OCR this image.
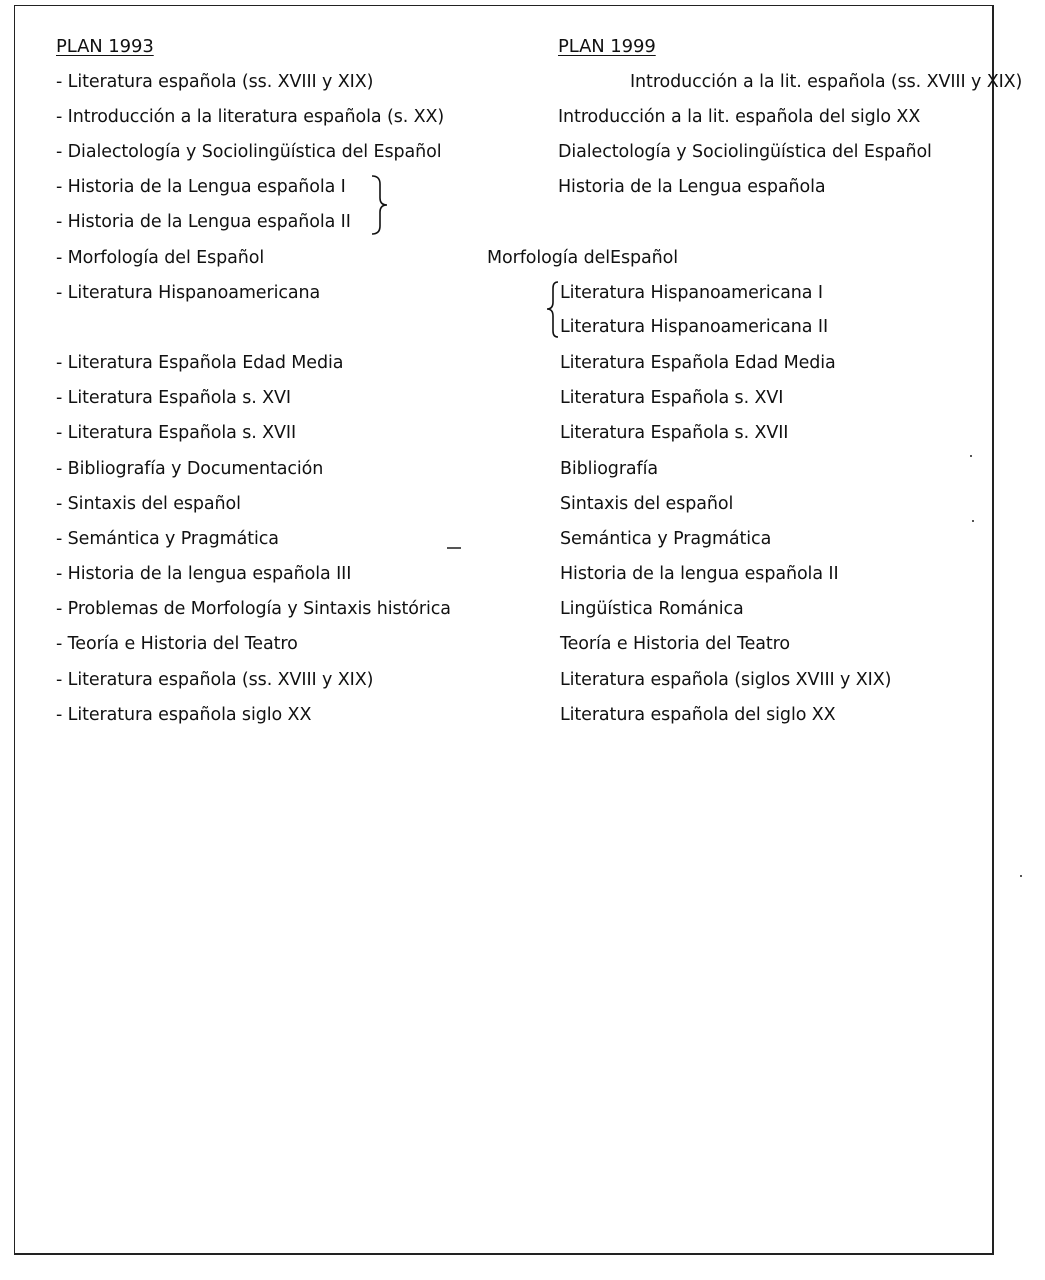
PLAN 1993
- Literatura española (ss. XVIII y XIX)
- Introducción a la literatura española (s. XX)
- Dialectología y Sociolingüística del Español
- Historia de la Lengua española I
- Historia de la Lengua española II
- Morfología del Español
- Literatura Hispanoamericana
- Literatura Española Edad Media
- Literatura Española s. XVI
- Literatura Española s. XVII
- Bibliografía y Documentación
- Sintaxis del español
- Semántica y Pragmática
- Historia de la lengua española III
- Problemas de Morfología y Sintaxis histórica
- Teoría e Historia del Teatro
- Literatura española (ss. XVIII y XIX)
- Literatura española siglo XX
PLAN 1999
Introducción a la lit. española (ss. XVIII y XIX)
Introducción a la lit. española del siglo XX
Dialectología y Sociolingüística del Español
Historia de la Lengua española
Morfología delEspañol
Literatura Hispanoamericana I
Literatura Hispanoamericana II
Literatura Española Edad Media
Literatura Española s. XVI
Literatura Española s. XVII
Bibliografía
Sintaxis del español
Semántica y Pragmática
Historia de la lengua española II
Lingüística Románica
Teoría e Historia del Teatro
Literatura española (siglos XVIII y XIX)
Literatura española del siglo XX
